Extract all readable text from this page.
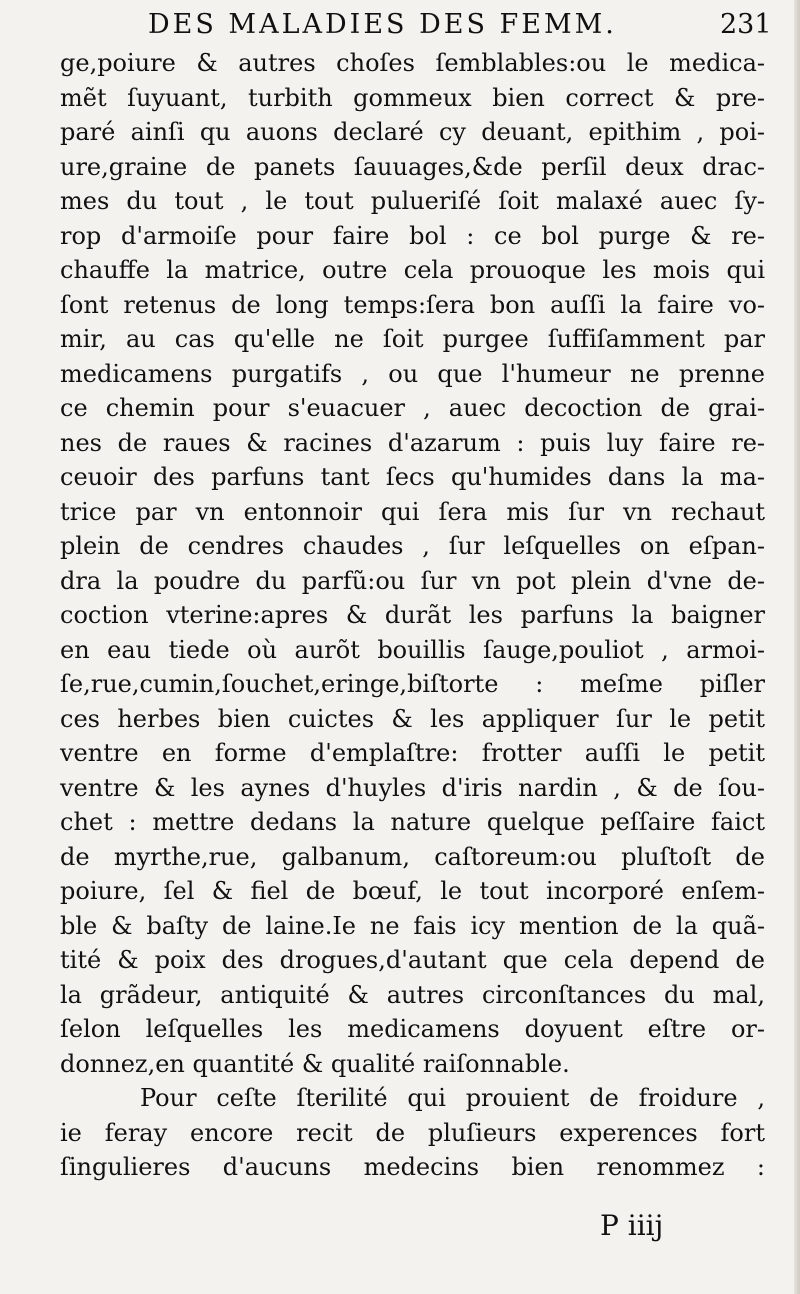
DES MALADIES DES FEMM.	231
ge,poiure & autres choſes ſemblables:ou le medica-
mẽt ſuyuant, turbith gommeux bien correct & pre-
paré ainſi qu auons declaré cy deuant, epithim , poi-
ure,graine de panets ſauuages,&de perſil deux drac-
mes du tout , le tout pulueriſé ſoit malaxé auec ſy-
rop d'armoiſe pour faire bol : ce bol purge & re-
chauffe la matrice, outre cela prouoque les mois qui
ſont retenus de long temps:ſera bon auſſi la faire vo-
mir, au cas qu'elle ne ſoit purgee ſuffiſamment par
medicamens purgatifs , ou que l'humeur ne prenne
ce chemin pour s'euacuer , auec decoction de grai-
nes de raues & racines d'azarum : puis luy faire re-
ceuoir des parfuns tant ſecs qu'humides dans la ma-
trice par vn entonnoir qui ſera mis ſur vn rechaut
plein de cendres chaudes , ſur leſquelles on eſpan-
dra la poudre du parfũ:ou ſur vn pot plein d'vne de-
coction vterine:apres & durãt les parfuns la baigner
en eau tiede où aurõt bouillis ſauge,pouliot , armoi-
ſe,rue,cumin,ſouchet,eringe,biſtorte : meſme piſler
ces herbes bien cuictes & les appliquer ſur le petit
ventre en forme d'emplaſtre: frotter auſſi le petit
ventre & les aynes d'huyles d'iris nardin , & de ſou-
chet : mettre dedans la nature quelque peſſaire faict
de myrthe,rue, galbanum, caſtoreum:ou pluſtoſt de
poiure, ſel & fiel de bœuf, le tout incorporé enſem-
ble & baſty de laine.Ie ne fais icy mention de la quã-
tité & poix des drogues,d'autant que cela depend de
la grãdeur, antiquité & autres circonſtances du mal,
ſelon leſquelles les medicamens doyuent eſtre or-
donnez,en quantité & qualité raiſonnable.
Pour ceſte ſterilité qui prouient de froidure ,
ie feray encore recit de pluſieurs experences fort
ſingulieres d'aucuns medecins bien renommez :
P iiij
